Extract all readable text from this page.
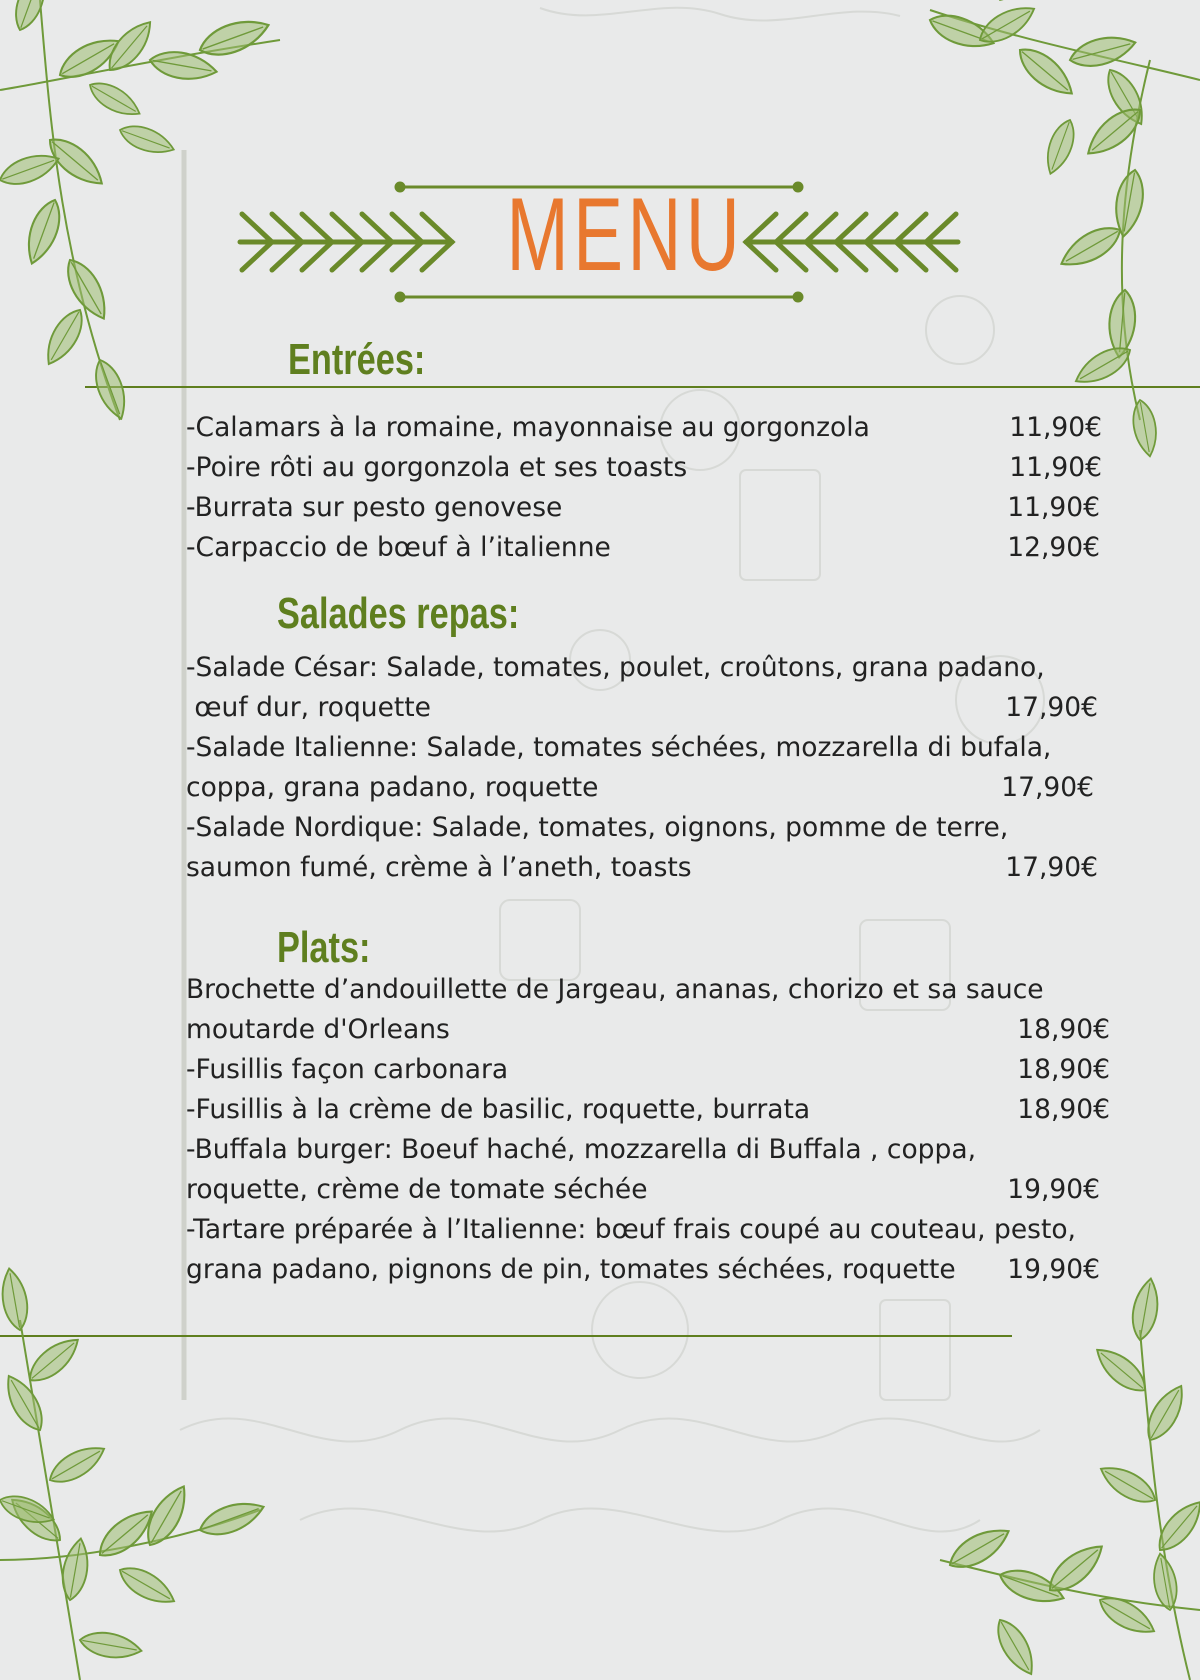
MENU
Entrées:
-Calamars à la romaine, mayonnaise au gorgonzola
-Poire rôti au gorgonzola et ses toasts
-Burrata sur pesto genovese
-Carpaccio de bœuf à l’italienne
11,90€
11,90€
11,90€
12,90€
Salades repas:
-Salade César: Salade, tomates, poulet, croûtons, grana padano,
œuf dur, roquette
-Salade Italienne: Salade, tomates séchées, mozzarella di bufala,
coppa, grana padano, roquette
-Salade Nordique: Salade, tomates, oignons, pomme de terre,
saumon fumé, crème à l’aneth, toasts
17,90€
17,90€
17,90€
Plats:
Brochette d’andouillette de Jargeau, ananas, chorizo et sa sauce
moutarde d'Orleans
-Fusillis façon carbonara
-Fusillis à la crème de basilic, roquette, burrata
-Buffala burger: Boeuf haché, mozzarella di Buffala , coppa,
roquette, crème de tomate séchée
-Tartare préparée à l’Italienne: bœuf frais coupé au couteau, pesto,
grana padano, pignons de pin, tomates séchées, roquette
18,90€
18,90€
18,90€
19,90€
19,90€
